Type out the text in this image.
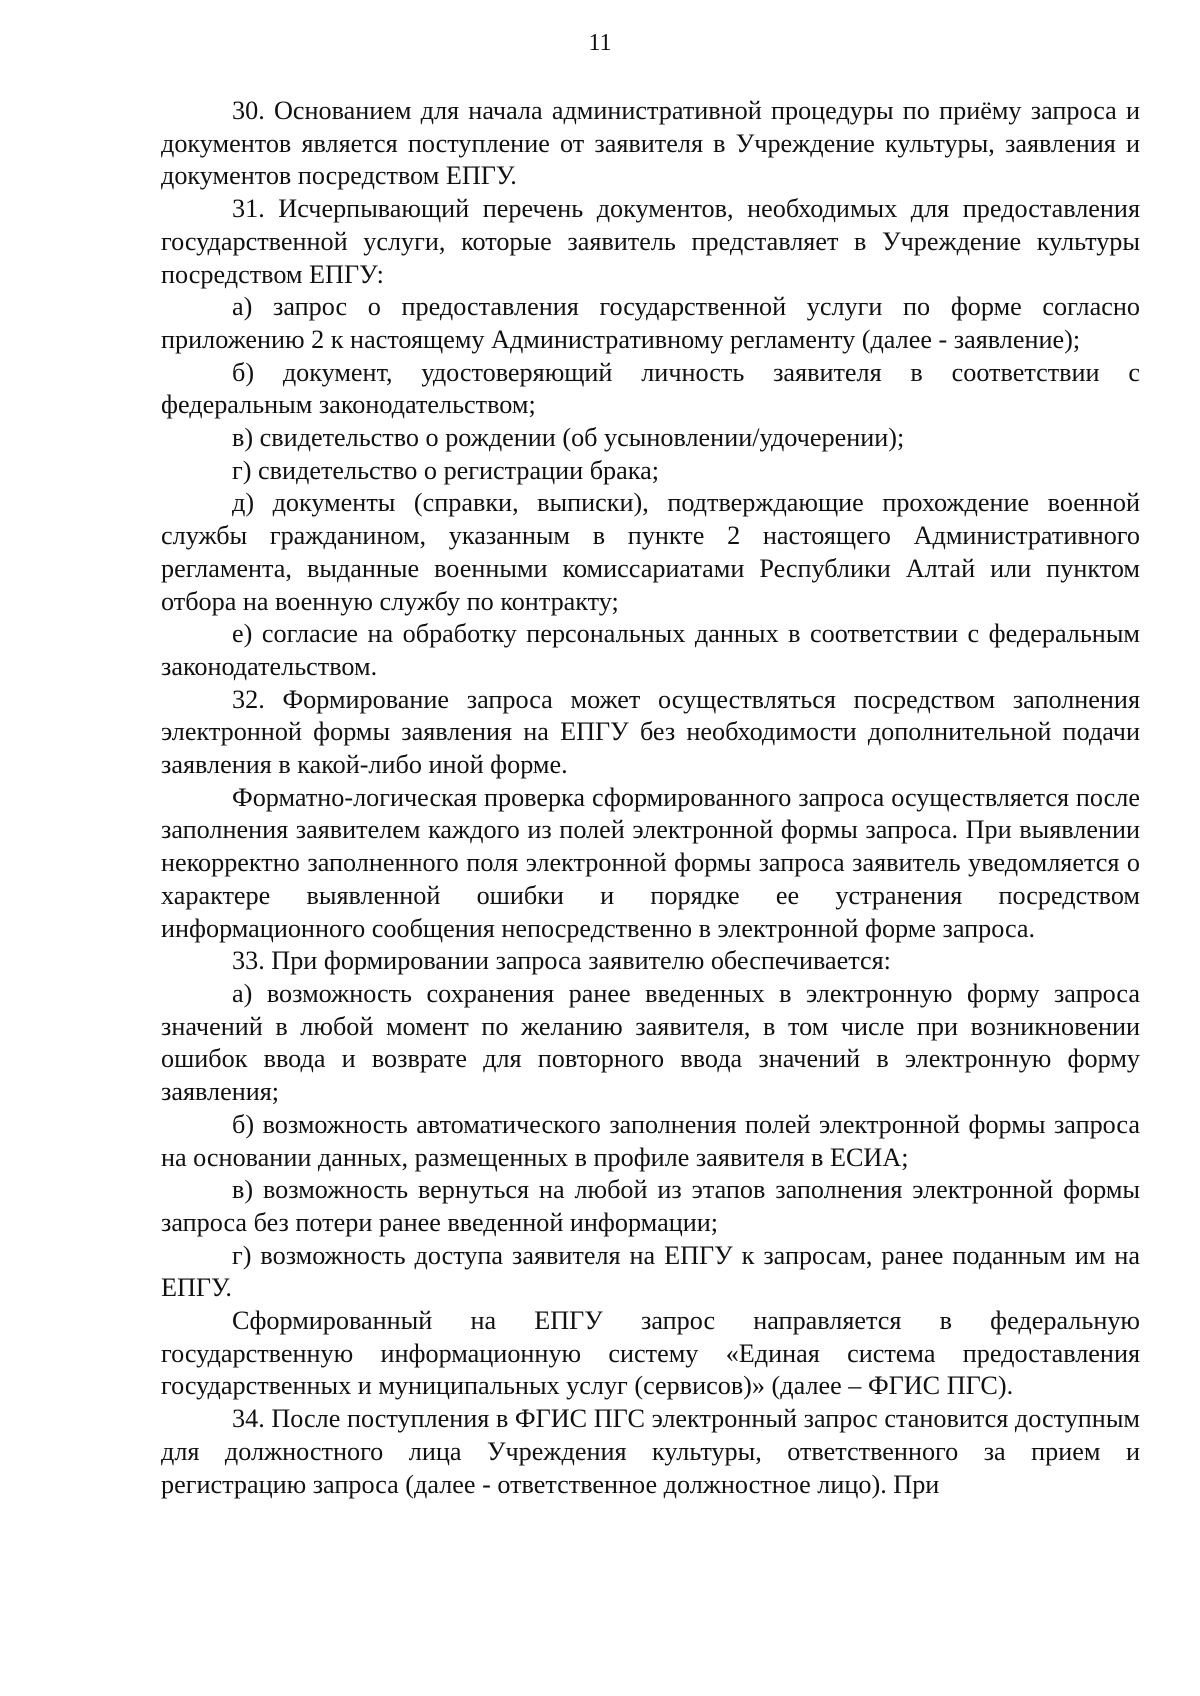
11

30. Основанием для начала административной процедуры по приёму запроса и документов является поступление от заявителя в Учреждение культуры, заявления и документов посредством ЕПГУ.

31. Исчерпывающий перечень документов, необходимых для предоставления государственной услуги, которые заявитель представляет в Учреждение культуры посредством ЕПГУ:

а) запрос о предоставления государственной услуги по форме согласно приложению 2 к настоящему Административному регламенту (далее - заявление);

б) документ, удостоверяющий личность заявителя в соответствии с федеральным законодательством;

в) свидетельство о рождении (об усыновлении/удочерении);

г) свидетельство о регистрации брака;

д) документы (справки, выписки), подтверждающие прохождение военной службы гражданином, указанным в пункте 2 настоящего Административного регламента, выданные военными комиссариатами Республики Алтай или пунктом отбора на военную службу по контракту;

е) согласие на обработку персональных данных в соответствии с федеральным законодательством.

32. Формирование запроса может осуществляться посредством заполнения электронной формы заявления на ЕПГУ без необходимости дополнительной подачи заявления в какой-либо иной форме.

Форматно-логическая проверка сформированного запроса осуществляется после заполнения заявителем каждого из полей электронной формы запроса. При выявлении некорректно заполненного поля электронной формы запроса заявитель уведомляется о характере выявленной ошибки и порядке ее устранения посредством информационного сообщения непосредственно в электронной форме запроса.

33. При формировании запроса заявителю обеспечивается:

а) возможность сохранения ранее введенных в электронную форму запроса значений в любой момент по желанию заявителя, в том числе при возникновении ошибок ввода и возврате для повторного ввода значений в электронную форму заявления;

б) возможность автоматического заполнения полей электронной формы запроса на основании данных, размещенных в профиле заявителя в ЕСИА;

в) возможность вернуться на любой из этапов заполнения электронной формы запроса без потери ранее введенной информации;

г) возможность доступа заявителя на ЕПГУ к запросам, ранее поданным им на ЕПГУ.

Сформированный на ЕПГУ запрос направляется в федеральную государственную информационную систему «Единая система предоставления государственных и муниципальных услуг (сервисов)» (далее – ФГИС ПГС).

34. После поступления в ФГИС ПГС электронный запрос становится доступным для должностного лица Учреждения культуры, ответственного за прием и регистрацию запроса (далее - ответственное должностное лицо). При
